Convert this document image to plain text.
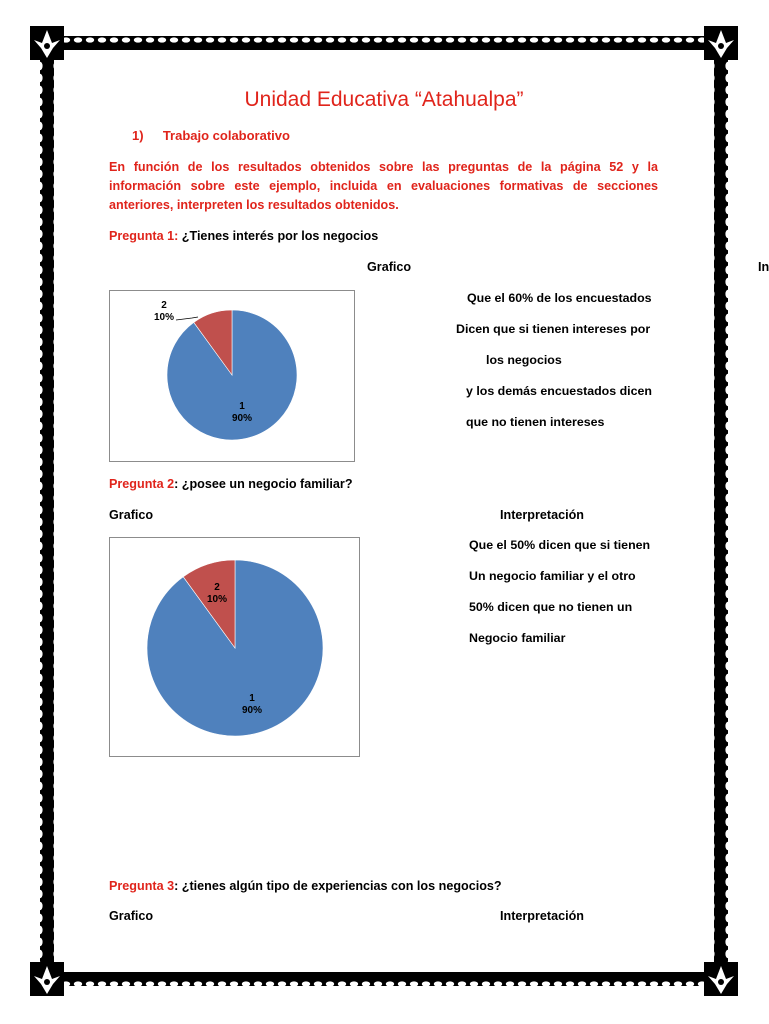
Unidad Educativa “Atahualpa”
1) Trabajo colaborativo
En función de los resultados obtenidos sobre las preguntas de la página 52 y la información sobre este ejemplo, incluida en evaluaciones formativas de secciones anteriores, interpreten los resultados obtenidos.
Pregunta 1: ¿Tienes interés por los negocios
Grafico	In
1 90%
2 10%
Que el 60% de los encuestados
Dicen que si tienen intereses por
los negocios
y los demás encuestados dicen
que no tienen intereses
Pregunta 2: ¿posee un negocio familiar?
Grafico	Interpretación
1 90%
2 10%
Que el 50% dicen que si tienen
Un negocio familiar y el otro
50% dicen que no tienen un
Negocio familiar
Pregunta 3: ¿tienes algún tipo de experiencias con los negocios?
Grafico	Interpretación
